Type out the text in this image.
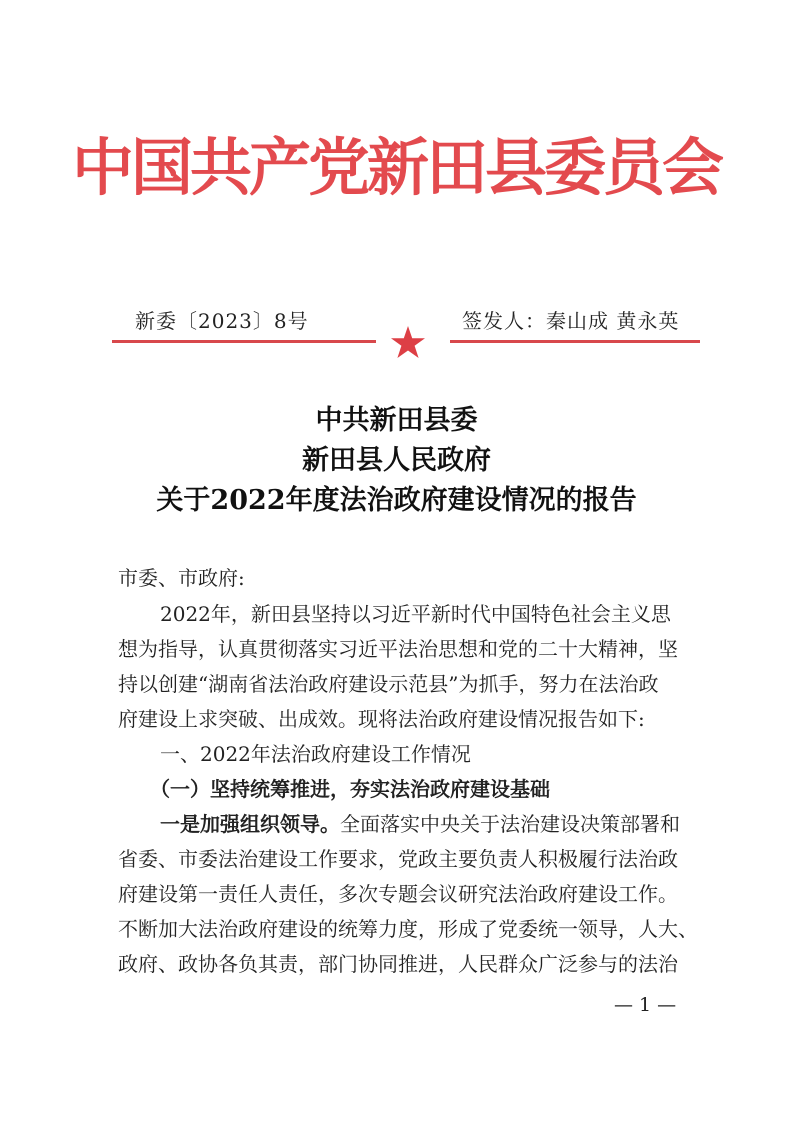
中国共产党新田县委员会
新委〔2023〕8号	签发人：秦山成 黄永英
中共新田县委
新田县人民政府
关于2022年度法治政府建设情况的报告
市委、市政府:
2022年，新田县坚持以习近平新时代中国特色社会主义思
想为指导，认真贯彻落实习近平法治思想和党的二十大精神，坚
持以创建“湖南省法治政府建设示范县”为抓手，努力在法治政
府建设上求突破、出成效。现将法治政府建设情况报告如下:
一、2022年法治政府建设工作情况
（一）坚持统筹推进，夯实法治政府建设基础
一是加强组织领导。全面落实中央关于法治建设决策部署和
省委、市委法治建设工作要求，党政主要负责人积极履行法治政
府建设第一责任人责任，多次专题会议研究法治政府建设工作。
不断加大法治政府建设的统筹力度，形成了党委统一领导，人大、
政府、政协各负其责，部门协同推进，人民群众广泛参与的法治
— 1 —
